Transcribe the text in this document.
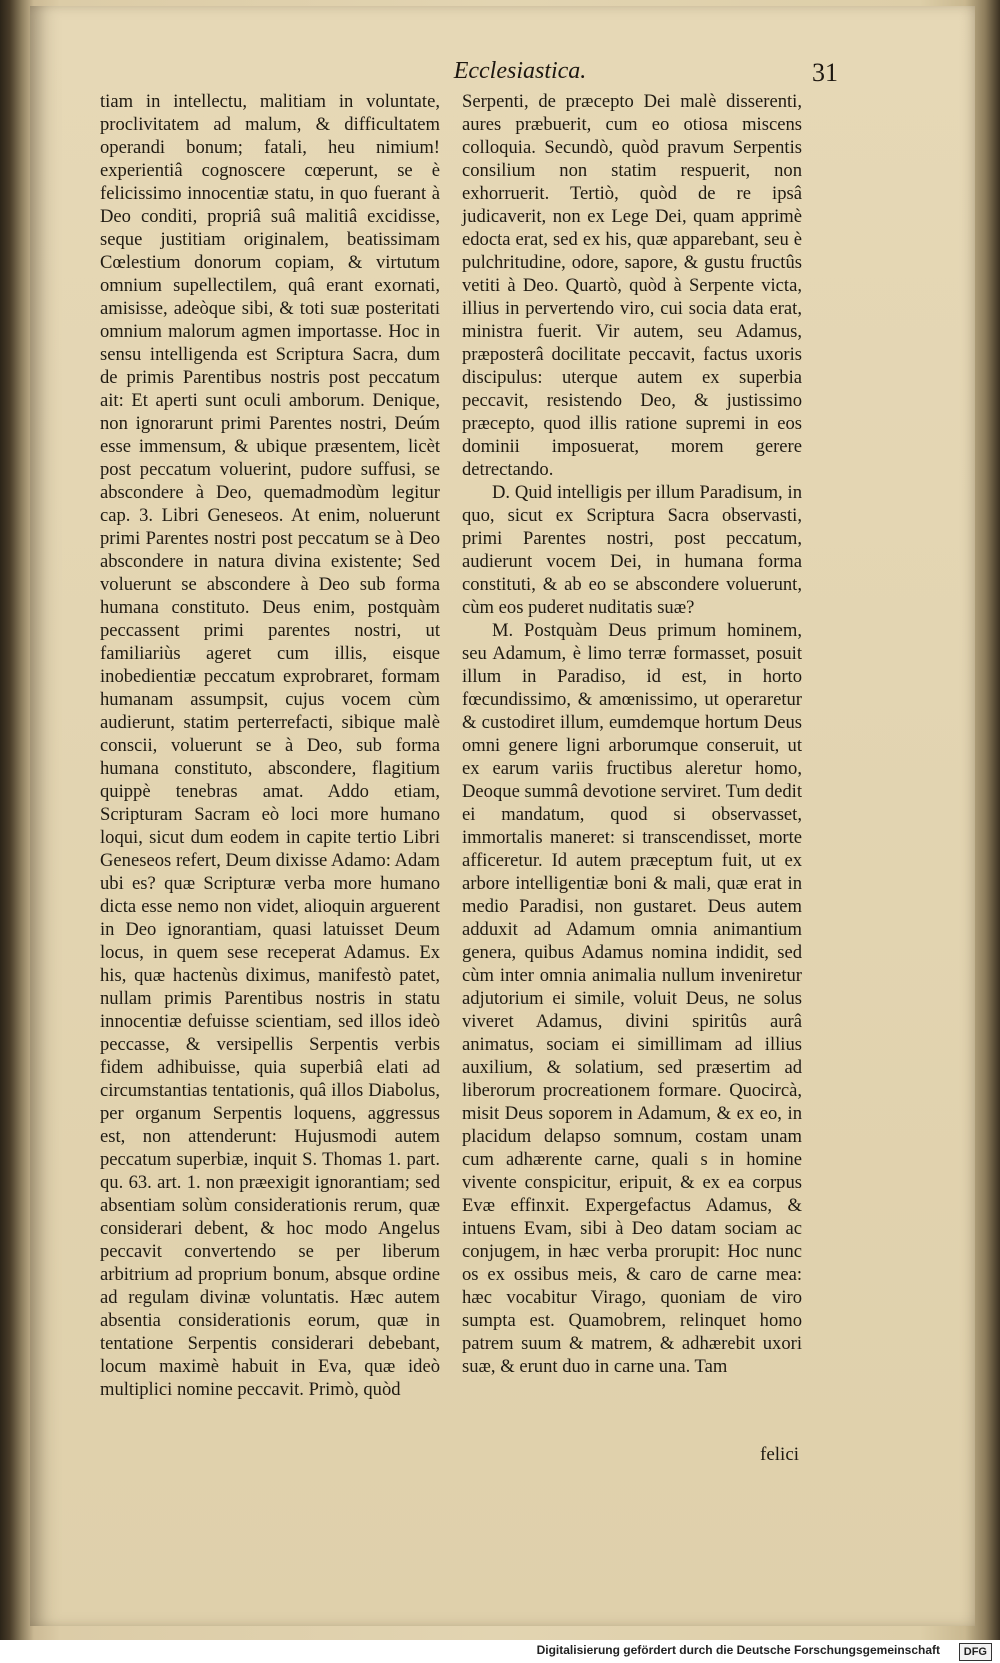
Ecclesiastica.	31

tiam in intellectu, malitiam in voluntate, proclivitatem ad malum, & difficultatem operandi bonum; fatali, heu nimium! experientiâ cognoscere cœperunt, se è felicissimo innocentiæ statu, in quo fuerant à Deo conditi, propriâ suâ malitiâ excidisse, seque justitiam originalem, beatissimam Cœlestium donorum copiam, & virtutum omnium supellectilem, quâ erant exornati, amisisse, adeòque sibi, & toti suæ posteritati omnium malorum agmen importasse. Hoc in sensu intelligenda est Scriptura Sacra, dum de primis Parentibus nostris post peccatum ait: Et aperti sunt oculi amborum. Denique, non ignorarunt primi Parentes nostri, Deúm esse immensum, & ubique præsentem, licèt post peccatum voluerint, pudore suffusi, se abscondere à Deo, quemadmodùm legitur cap. 3. Libri Geneseos. At enim, noluerunt primi Parentes nostri post peccatum se à Deo abscondere in natura divina existente; Sed voluerunt se abscondere à Deo sub forma humana constituto. Deus enim, postquàm peccassent primi parentes nostri, ut familiariùs ageret cum illis, eisque inobedientiæ peccatum exprobraret, formam humanam assumpsit, cujus vocem cùm audierunt, statim perterrefacti, sibique malè conscii, voluerunt se à Deo, sub forma humana constituto, abscondere, flagitium quippè tenebras amat. Addo etiam, Scripturam Sacram eò loci more humano loqui, sicut dum eodem in capite tertio Libri Geneseos refert, Deum dixisse Adamo: Adam ubi es? quæ Scripturæ verba more humano dicta esse nemo non videt, alioquin arguerent in Deo ignorantiam, quasi latuisset Deum locus, in quem sese receperat Adamus. Ex his, quæ hactenùs diximus, manifestò patet, nullam primis Parentibus nostris in statu innocentiæ defuisse scientiam, sed illos ideò peccasse, & versipellis Serpentis verbis fidem adhibuisse, quia superbiâ elati ad circumstantias tentationis, quâ illos Diabolus, per organum Serpentis loquens, aggressus est, non attenderunt: Hujusmodi autem peccatum superbiæ, inquit S. Thomas 1. part. qu. 63. art. 1. non præexigit ignorantiam; sed absentiam solùm considerationis rerum, quæ considerari debent, & hoc modo Angelus peccavit convertendo se per liberum arbitrium ad proprium bonum, absque ordine ad regulam divinæ voluntatis. Hæc autem absentia considerationis eorum, quæ in tentatione Serpentis considerari debebant, locum maximè habuit in Eva, quæ ideò multiplici nomine peccavit. Primò, quòd

Serpenti, de præcepto Dei malè disserenti, aures præbuerit, cum eo otiosa miscens colloquia. Secundò, quòd pravum Serpentis consilium non statim respuerit, non exhorruerit. Tertiò, quòd de re ipsâ judicaverit, non ex Lege Dei, quam apprimè edocta erat, sed ex his, quæ apparebant, seu è pulchritudine, odore, sapore, & gustu fructûs vetiti à Deo. Quartò, quòd à Serpente victa, illius in pervertendo viro, cui socia data erat, ministra fuerit. Vir autem, seu Adamus, præposterâ docilitate peccavit, factus uxoris discipulus: uterque autem ex superbia peccavit, resistendo Deo, & justissimo præcepto, quod illis ratione supremi in eos dominii imposuerat, morem gerere detrectando.

D. Quid intelligis per illum Paradisum, in quo, sicut ex Scriptura Sacra observasti, primi Parentes nostri, post peccatum, audierunt vocem Dei, in humana forma constituti, & ab eo se abscondere voluerunt, cùm eos puderet nuditatis suæ?

M. Postquàm Deus primum hominem, seu Adamum, è limo terræ formasset, posuit illum in Paradiso, id est, in horto fœcundissimo, & amœnissimo, ut operaretur & custodiret illum, eumdemque hortum Deus omni genere ligni arborumque conseruit, ut ex earum variis fructibus aleretur homo, Deoque summâ devotione serviret. Tum dedit ei mandatum, quod si observasset, immortalis maneret: si transcendisset, morte afficeretur. Id autem præceptum fuit, ut ex arbore intelligentiæ boni & mali, quæ erat in medio Paradisi, non gustaret. Deus autem adduxit ad Adamum omnia animantium genera, quibus Adamus nomina indidit, sed cùm inter omnia animalia nullum inveniretur adjutorium ei simile, voluit Deus, ne solus viveret Adamus, divini spiritûs aurâ animatus, sociam ei simillimam ad illius auxilium, & solatium, sed præsertim ad liberorum procreationem formare. Quocircà, misit Deus soporem in Adamum, & ex eo, in placidum delapso somnum, costam unam cum adhærente carne, quali s in homine vivente conspicitur, eripuit, & ex ea corpus Evæ effinxit. Expergefactus Adamus, & intuens Evam, sibi à Deo datam sociam ac conjugem, in hæc verba prorupit: Hoc nunc os ex ossibus meis, & caro de carne mea: hæc vocabitur Virago, quoniam de viro sumpta est. Quamobrem, relinquet homo patrem suum & matrem, & adhærebit uxori suæ, & erunt duo in carne una. Tam

felici
Digitalisierung gefördert durch die Deutsche Forschungsgemeinschaft	DFG
